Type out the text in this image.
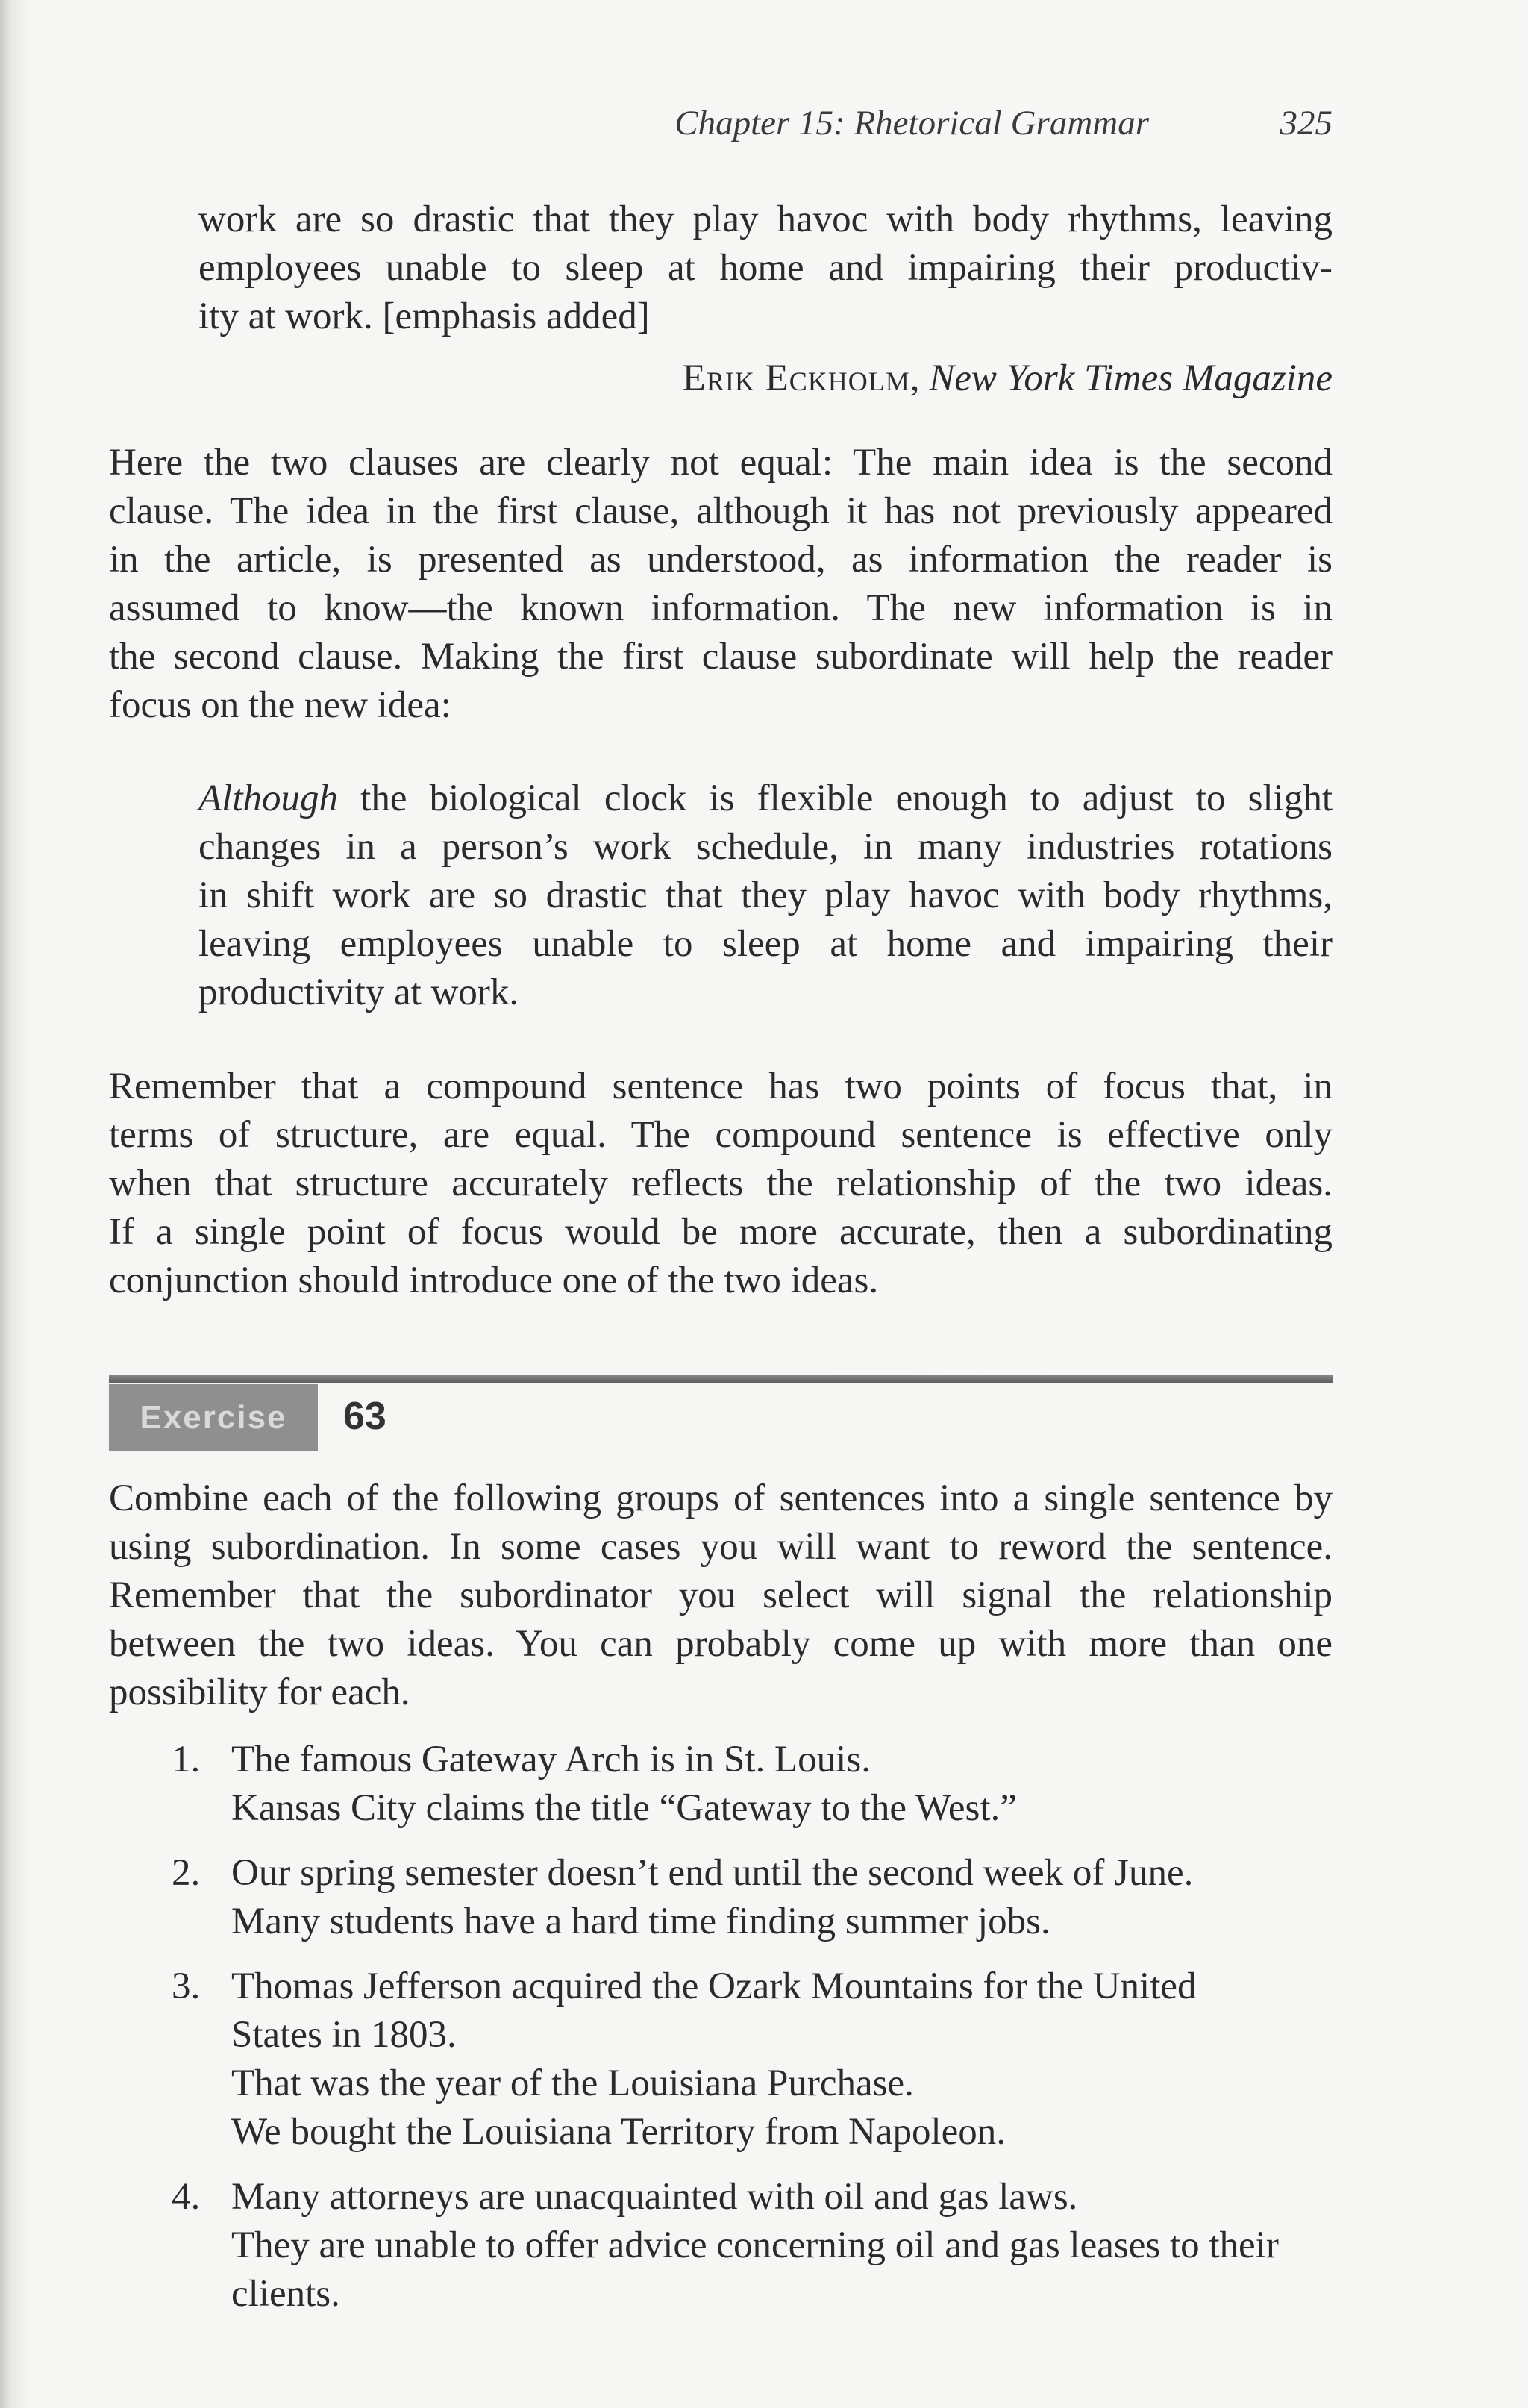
Chapter 15: Rhetorical Grammar	325
work are so drastic that they play havoc with body rhythms, leaving
employees unable to sleep at home and impairing their productiv-
ity at work. [emphasis added]
Erik Eckholm, New York Times Magazine
Here the two clauses are clearly not equal: The main idea is the second
clause. The idea in the first clause, although it has not previously appeared
in the article, is presented as understood, as information the reader is
assumed to know—the known information. The new information is in
the second clause. Making the first clause subordinate will help the reader
focus on the new idea:
Although the biological clock is flexible enough to adjust to slight
changes in a person’s work schedule, in many industries rotations
in shift work are so drastic that they play havoc with body rhythms,
leaving employees unable to sleep at home and impairing their
productivity at work.
Remember that a compound sentence has two points of focus that, in
terms of structure, are equal. The compound sentence is effective only
when that structure accurately reflects the relationship of the two ideas.
If a single point of focus would be more accurate, then a subordinating
conjunction should introduce one of the two ideas.
Exercise	63
Combine each of the following groups of sentences into a single sentence by
using subordination. In some cases you will want to reword the sentence.
Remember that the subordinator you select will signal the relationship
between the two ideas. You can probably come up with more than one
possibility for each.
1. The famous Gateway Arch is in St. Louis.
Kansas City claims the title “Gateway to the West.”
2. Our spring semester doesn’t end until the second week of June.
Many students have a hard time finding summer jobs.
3. Thomas Jefferson acquired the Ozark Mountains for the United
States in 1803.
That was the year of the Louisiana Purchase.
We bought the Louisiana Territory from Napoleon.
4. Many attorneys are unacquainted with oil and gas laws.
They are unable to offer advice concerning oil and gas leases to their
clients.
